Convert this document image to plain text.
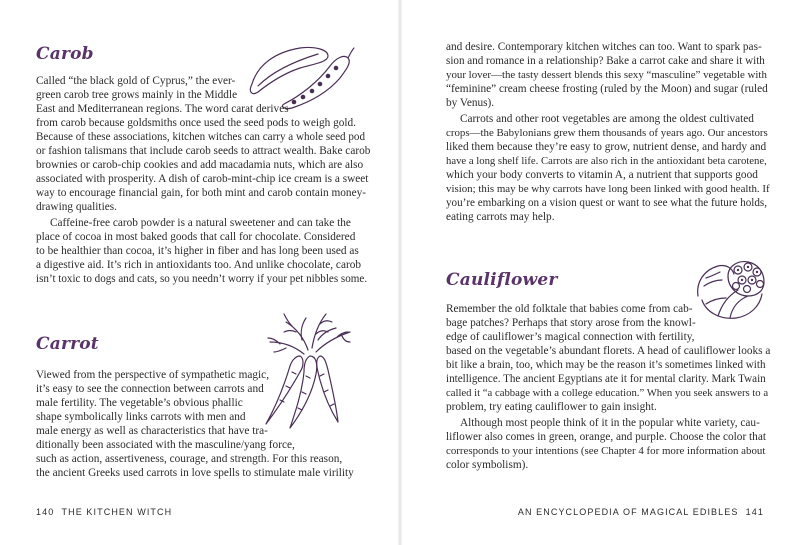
Carob
Called “the black gold of Cyprus,” the ever-
green carob tree grows mainly in the Middle
East and Mediterranean regions. The word carat derives
from carob because goldsmiths once used the seed pods to weigh gold.
Because of these associations, kitchen witches can carry a whole seed pod
or fashion talismans that include carob seeds to attract wealth. Bake carob
brownies or carob-chip cookies and add macadamia nuts, which are also
associated with prosperity. A dish of carob-mint-chip ice cream is a sweet
way to encourage financial gain, for both mint and carob contain money-
drawing qualities.
Caffeine-free carob powder is a natural sweetener and can take the
place of cocoa in most baked goods that call for chocolate. Considered
to be healthier than cocoa, it’s higher in fiber and has long been used as
a digestive aid. It’s rich in antioxidants too. And unlike chocolate, carob
isn’t toxic to dogs and cats, so you needn’t worry if your pet nibbles some.
Carrot
Viewed from the perspective of sympathetic magic,
it’s easy to see the connection between carrots and
male fertility. The vegetable’s obvious phallic
shape symbolically links carrots with men and
male energy as well as characteristics that have tra-
ditionally been associated with the masculine/yang force,
such as action, assertiveness, courage, and strength. For this reason,
the ancient Greeks used carrots in love spells to stimulate male virility
140 THE KITCHEN WITCH
and desire. Contemporary kitchen witches can too. Want to spark pas-
sion and romance in a relationship? Bake a carrot cake and share it with
your lover—the tasty dessert blends this sexy “masculine” vegetable with
“feminine” cream cheese frosting (ruled by the Moon) and sugar (ruled
by Venus).
Carrots and other root vegetables are among the oldest cultivated
crops—the Babylonians grew them thousands of years ago. Our ancestors
liked them because they’re easy to grow, nutrient dense, and hardy and
have a long shelf life. Carrots are also rich in the antioxidant beta carotene,
which your body converts to vitamin A, a nutrient that supports good
vision; this may be why carrots have long been linked with good health. If
you’re embarking on a vision quest or want to see what the future holds,
eating carrots may help.
Cauliflower
Remember the old folktale that babies come from cab-
bage patches? Perhaps that story arose from the knowl-
edge of cauliflower’s magical connection with fertility,
based on the vegetable’s abundant florets. A head of cauliflower looks a
bit like a brain, too, which may be the reason it’s sometimes linked with
intelligence. The ancient Egyptians ate it for mental clarity. Mark Twain
called it “a cabbage with a college education.” When you seek answers to a
problem, try eating cauliflower to gain insight.
Although most people think of it in the popular white variety, cau-
liflower also comes in green, orange, and purple. Choose the color that
corresponds to your intentions (see Chapter 4 for more information about
color symbolism).
AN ENCYCLOPEDIA OF MAGICAL EDIBLES 141
